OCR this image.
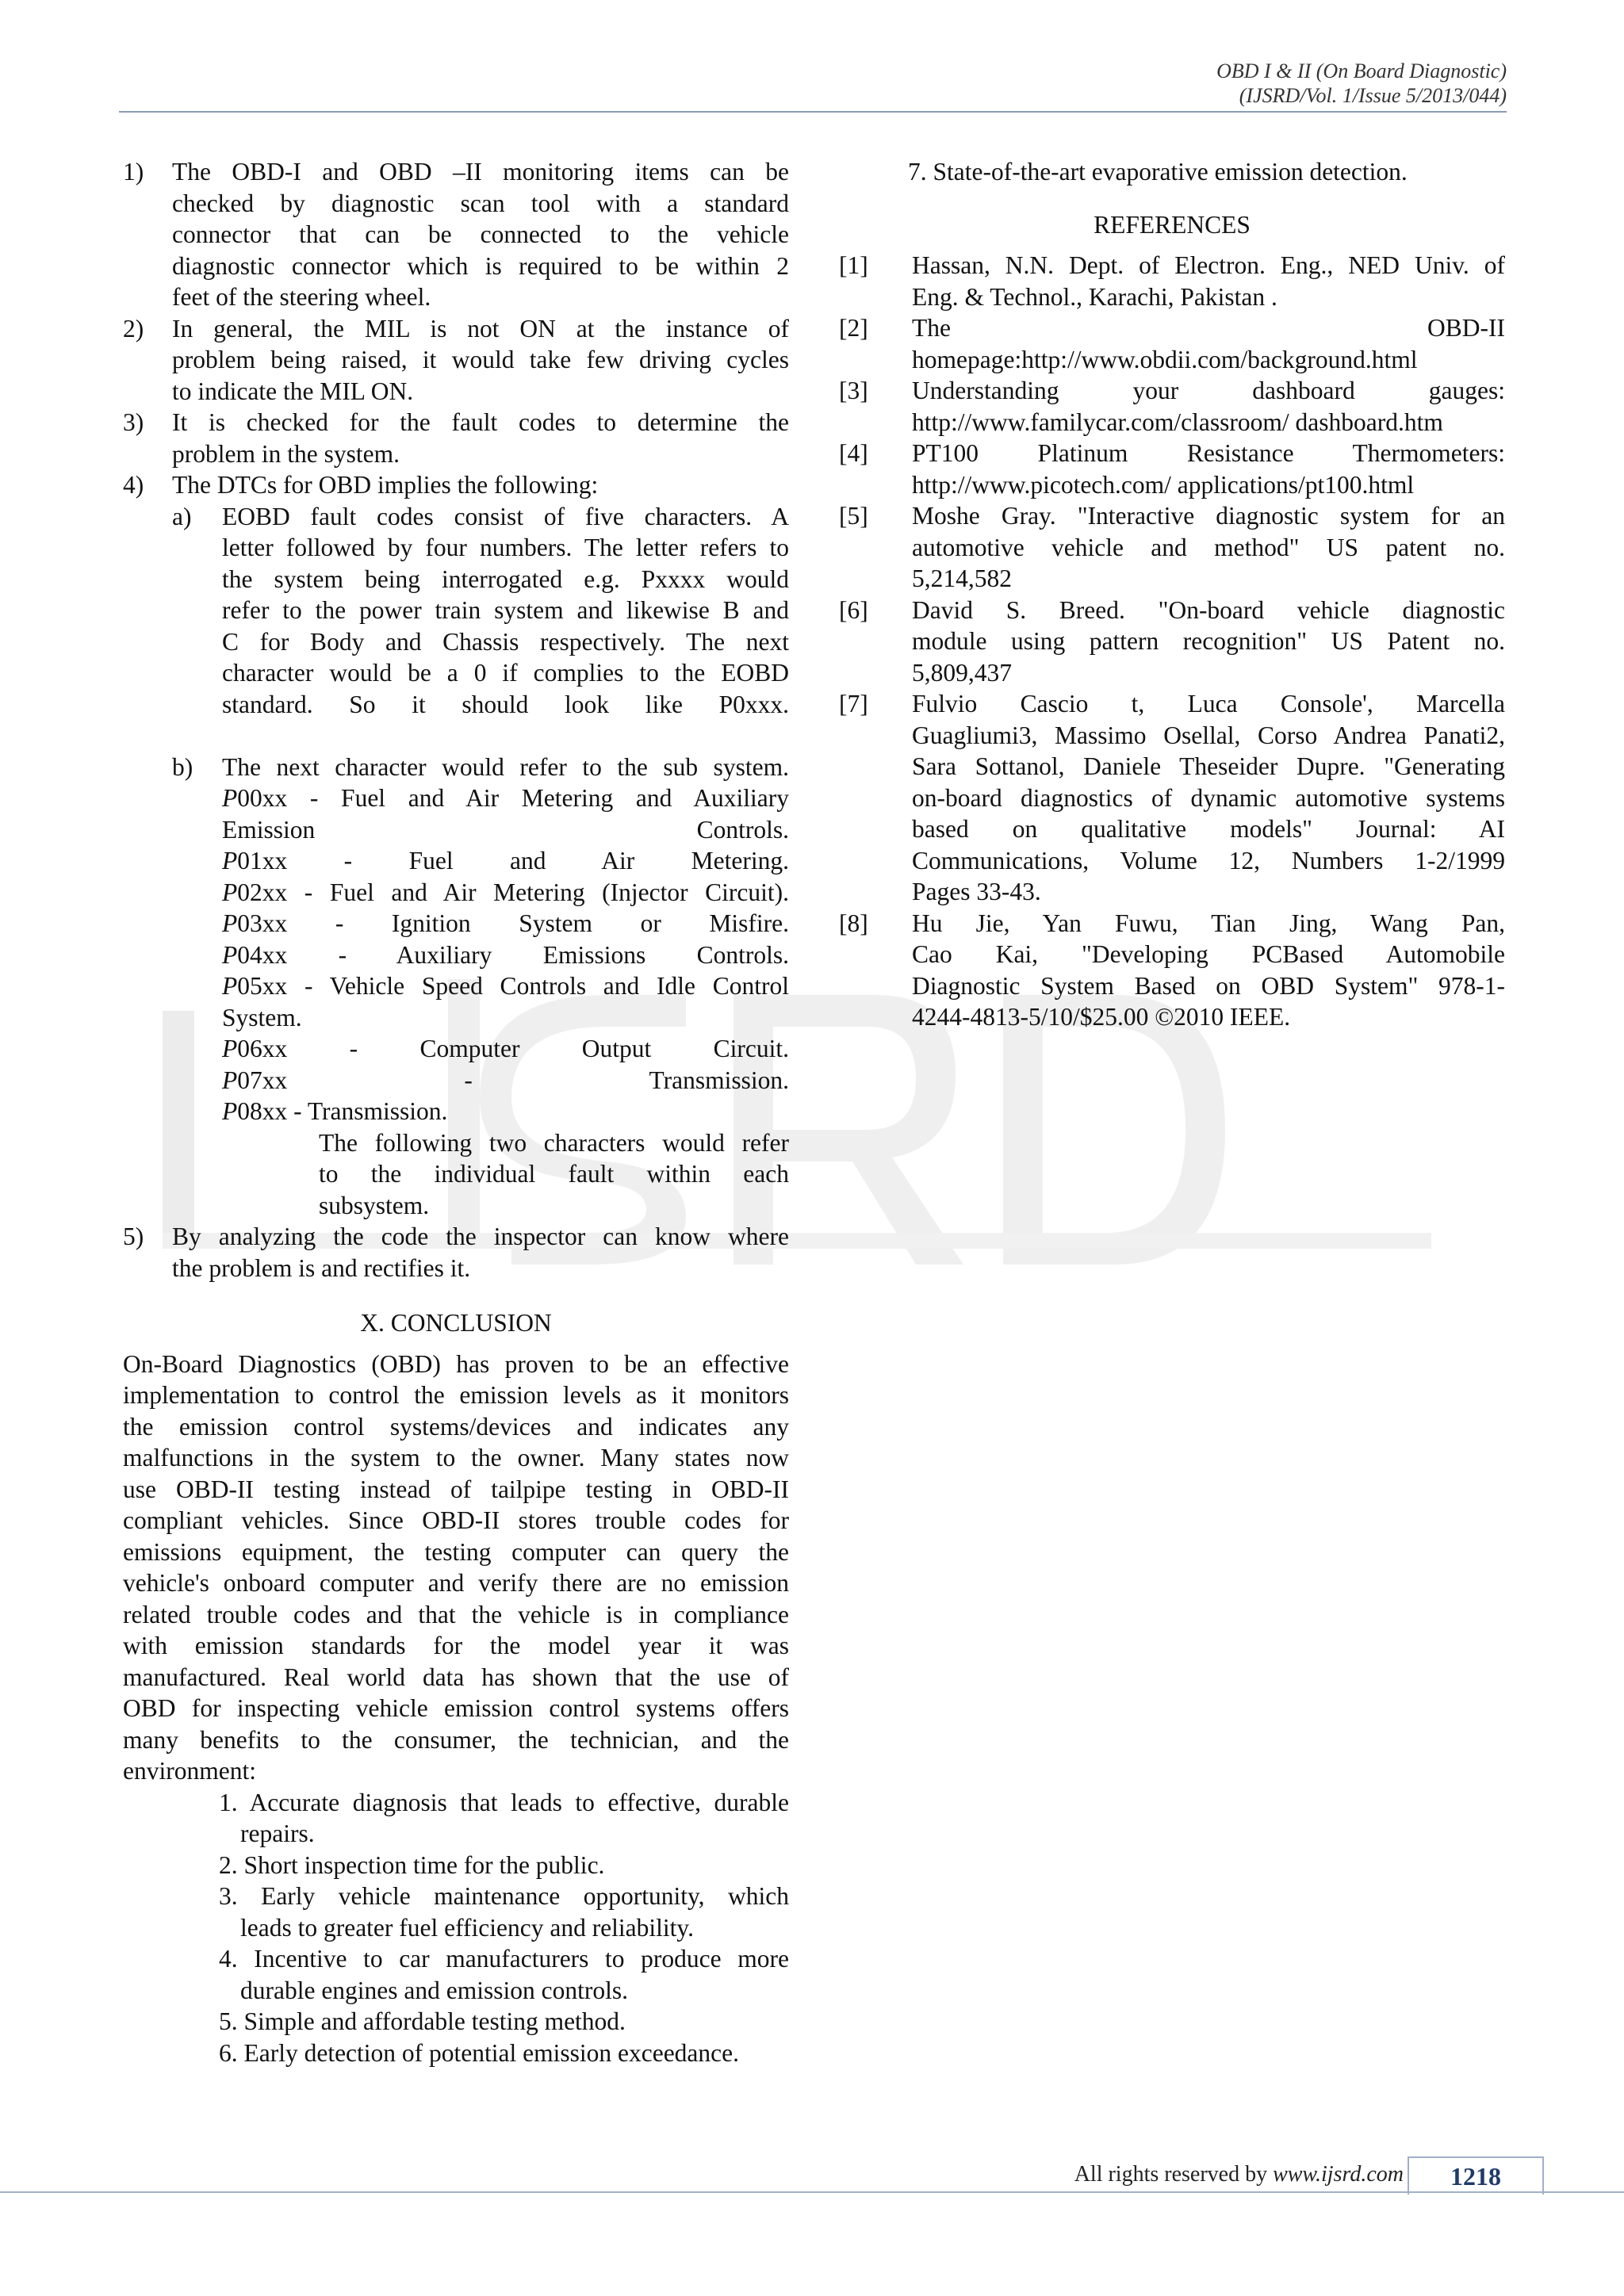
OBD I & II (On Board Diagnostic)
(IJSRD/Vol. 1/Issue 5/2013/044)
1) The OBD-I and OBD –II monitoring items can be
checked by diagnostic scan tool with a standard
connector that can be connected to the vehicle
diagnostic connector which is required to be within 2
feet of the steering wheel.
2) In general, the MIL is not ON at the instance of
problem being raised, it would take few driving cycles
to indicate the MIL ON.
3) It is checked for the fault codes to determine the
problem in the system.
4) The DTCs for OBD implies the following:
a) EOBD fault codes consist of five characters. A
letter followed by four numbers. The letter refers to
the system being interrogated e.g. Pxxxx would
refer to the power train system and likewise B and
C for Body and Chassis respectively. The next
character would be a 0 if complies to the EOBD
standard. So it should look like P0xxx.
b) The next character would refer to the sub system.
P00xx - Fuel and Air Metering and Auxiliary
Emission Controls.
P01xx - Fuel and Air Metering.
P02xx - Fuel and Air Metering (Injector Circuit).
P03xx - Ignition System or Misfire.
P04xx - Auxiliary Emissions Controls.
P05xx - Vehicle Speed Controls and Idle Control
System.
P06xx - Computer Output Circuit.
P07xx - Transmission.
P08xx - Transmission.
The following two characters would refer
to the individual fault within each
subsystem.
5) By analyzing the code the inspector can know where
the problem is and rectifies it.
X. CONCLUSION
On-Board Diagnostics (OBD) has proven to be an effective
implementation to control the emission levels as it monitors
the emission control systems/devices and indicates any
malfunctions in the system to the owner. Many states now
use OBD-II testing instead of tailpipe testing in OBD-II
compliant vehicles. Since OBD-II stores trouble codes for
emissions equipment, the testing computer can query the
vehicle's onboard computer and verify there are no emission
related trouble codes and that the vehicle is in compliance
with emission standards for the model year it was
manufactured. Real world data has shown that the use of
OBD for inspecting vehicle emission control systems offers
many benefits to the consumer, the technician, and the
environment:
1. Accurate diagnosis that leads to effective, durable
repairs.
2. Short inspection time for the public.
3. Early vehicle maintenance opportunity, which
leads to greater fuel efficiency and reliability.
4. Incentive to car manufacturers to produce more
durable engines and emission controls.
5. Simple and affordable testing method.
6. Early detection of potential emission exceedance.
7. State-of-the-art evaporative emission detection.
REFERENCES
[1] Hassan, N.N. Dept. of Electron. Eng., NED Univ. of
Eng. & Technol., Karachi, Pakistan .
[2] The OBD-II
homepage:http://www.obdii.com/background.html
[3] Understanding your dashboard gauges:
http://www.familycar.com/classroom/ dashboard.htm
[4] PT100 Platinum Resistance Thermometers:
http://www.picotech.com/ applications/pt100.html
[5] Moshe Gray. "Interactive diagnostic system for an
automotive vehicle and method" US patent no.
5,214,582
[6] David S. Breed. "On-board vehicle diagnostic
module using pattern recognition" US Patent no.
5,809,437
[7] Fulvio Cascio t, Luca Console', Marcella
Guagliumi3, Massimo Osellal, Corso Andrea Panati2,
Sara Sottanol, Daniele Theseider Dupre. "Generating
on-board diagnostics of dynamic automotive systems
based on qualitative models" Journal: AI
Communications, Volume 12, Numbers 1-2/1999
Pages 33-43.
[8] Hu Jie, Yan Fuwu, Tian Jing, Wang Pan,
Cao Kai, "Developing PCBased Automobile
Diagnostic System Based on OBD System" 978-1-
4244-4813-5/10/$25.00 ©2010 IEEE.
All rights reserved by www.ijsrd.com	1218
